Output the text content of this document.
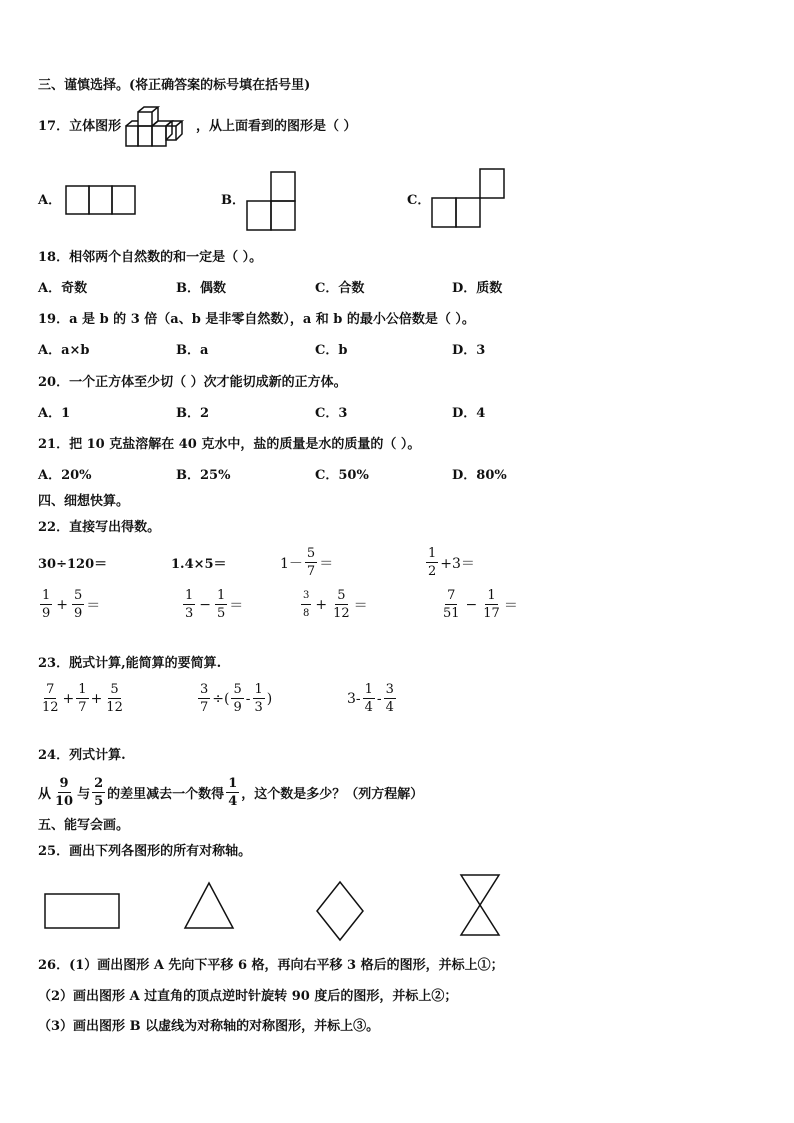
三、谨慎选择。(将正确答案的标号填在括号里)
17．立体图形	，从上面看到的图形是（ ）
A．	B．	C．
18．相邻两个自然数的和一定是（ ）。
A．奇数	B．偶数	C．合数	D．质数
19．a 是 b 的 3 倍（a、b 是非零自然数），a 和 b 的最小公倍数是（ ）。
A．a×b	B．a	C．b	D．3
20．一个正方体至少切（ ）次才能切成新的正方体。
A．1	B．2	C．3	D．4
21．把 10 克盐溶解在 40 克水中，盐的质量是水的质量的（ ）。
A．20%	B．25%	C．50%	D．80%
四、细想快算。
22．直接写出得数。
30÷120＝	1.4×5＝	$1- \frac{5}{7}$ ＝	$\frac{1}{2} +3=$
$\frac{1}{9} + \frac{5}{9}$ ＝	$\frac{1}{3} - \frac{1}{5}$ ＝	$\frac{3}{8} + \frac{5}{12}$ ＝	$\frac{7}{51} - \frac{1}{17}$ ＝
23．脱式计算,能简算的要简算.
$\frac{7}{12} + \frac{1}{7} + \frac{5}{12}$	$\frac{3}{7}$ ÷( $\frac{5}{9} - \frac{1}{3}$ )	$3- \frac{1}{4} - \frac{3}{4}$
24．列式计算.
从 $\frac{9}{10}$ 与 $\frac{2}{5}$ 的差里减去一个数得 $\frac{1}{4}$ ，这个数是多少？（列方程解）
五、能写会画。
25．画出下列各图形的所有对称轴。
26．(1）画出图形 A 先向下平移 6 格，再向右平移 3 格后的图形，并标上①；
（2）画出图形 A 过直角的顶点逆时针旋转 90 度后的图形，并标上②；
（3）画出图形 B 以虚线为对称轴的对称图形，并标上③。
